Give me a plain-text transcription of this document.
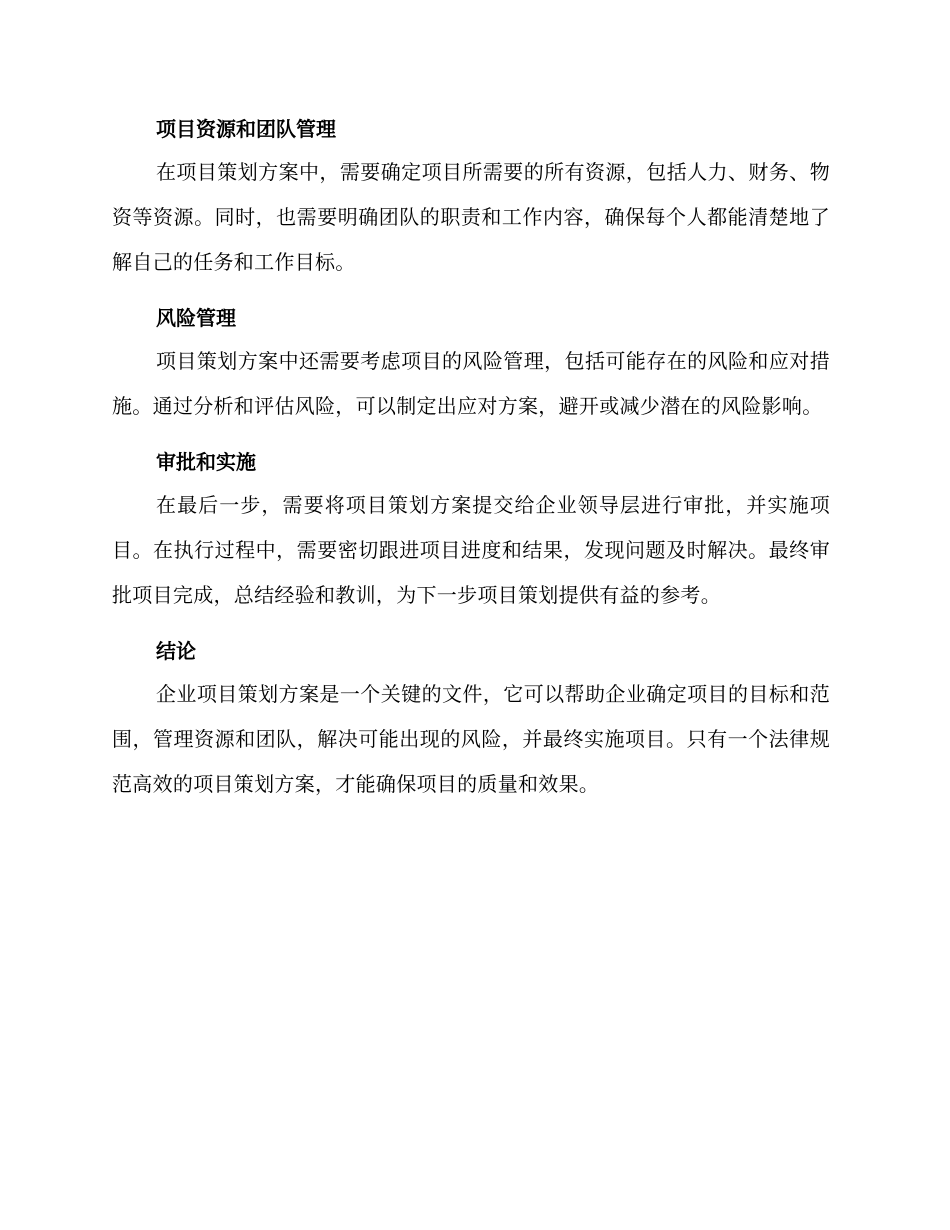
项目资源和团队管理

在项目策划方案中，需要确定项目所需要的所有资源，包括人力、财务、物资等资源。同时，也需要明确团队的职责和工作内容，确保每个人都能清楚地了解自己的任务和工作目标。

风险管理

项目策划方案中还需要考虑项目的风险管理，包括可能存在的风险和应对措施。通过分析和评估风险，可以制定出应对方案，避开或减少潜在的风险影响。

审批和实施

在最后一步，需要将项目策划方案提交给企业领导层进行审批，并实施项目。在执行过程中，需要密切跟进项目进度和结果，发现问题及时解决。最终审批项目完成，总结经验和教训，为下一步项目策划提供有益的参考。

结论

企业项目策划方案是一个关键的文件，它可以帮助企业确定项目的目标和范围，管理资源和团队，解决可能出现的风险，并最终实施项目。只有一个法律规范高效的项目策划方案，才能确保项目的质量和效果。
